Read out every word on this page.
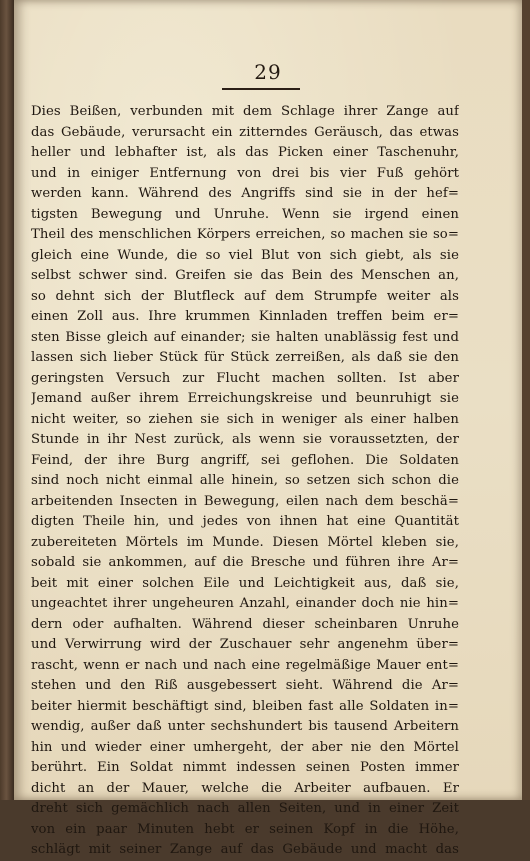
29
Dies Beißen, verbunden mit dem Schlage ihrer Zange auf
das Gebäude, verursacht ein zitterndes Geräusch, das etwas
heller und lebhafter ist, als das Picken einer Taschenuhr,
und in einiger Entfernung von drei bis vier Fuß gehört
werden kann. Während des Angriffs sind sie in der hef=
tigsten Bewegung und Unruhe. Wenn sie irgend einen
Theil des menschlichen Körpers erreichen, so machen sie so=
gleich eine Wunde, die so viel Blut von sich giebt, als sie
selbst schwer sind. Greifen sie das Bein des Menschen an,
so dehnt sich der Blutfleck auf dem Strumpfe weiter als
einen Zoll aus. Ihre krummen Kinnladen treffen beim er=
sten Bisse gleich auf einander; sie halten unablässig fest und
lassen sich lieber Stück für Stück zerreißen, als daß sie den
geringsten Versuch zur Flucht machen sollten. Ist aber
Jemand außer ihrem Erreichungskreise und beunruhigt sie
nicht weiter, so ziehen sie sich in weniger als einer halben
Stunde in ihr Nest zurück, als wenn sie voraussetzten, der
Feind, der ihre Burg angriff, sei geflohen. Die Soldaten
sind noch nicht einmal alle hinein, so setzen sich schon die
arbeitenden Insecten in Bewegung, eilen nach dem beschä=
digten Theile hin, und jedes von ihnen hat eine Quantität
zubereiteten Mörtels im Munde. Diesen Mörtel kleben sie,
sobald sie ankommen, auf die Bresche und führen ihre Ar=
beit mit einer solchen Eile und Leichtigkeit aus, daß sie,
ungeachtet ihrer ungeheuren Anzahl, einander doch nie hin=
dern oder aufhalten. Während dieser scheinbaren Unruhe
und Verwirrung wird der Zuschauer sehr angenehm über=
rascht, wenn er nach und nach eine regelmäßige Mauer ent=
stehen und den Riß ausgebessert sieht. Während die Ar=
beiter hiermit beschäftigt sind, bleiben fast alle Soldaten in=
wendig, außer daß unter sechshundert bis tausend Arbeitern
hin und wieder einer umhergeht, der aber nie den Mörtel
berührt. Ein Soldat nimmt indessen seinen Posten immer
dicht an der Mauer, welche die Arbeiter aufbauen. Er
dreht sich gemächlich nach allen Seiten, und in einer Zeit
von ein paar Minuten hebt er seinen Kopf in die Höhe,
schlägt mit seiner Zange auf das Gebäude und macht das
